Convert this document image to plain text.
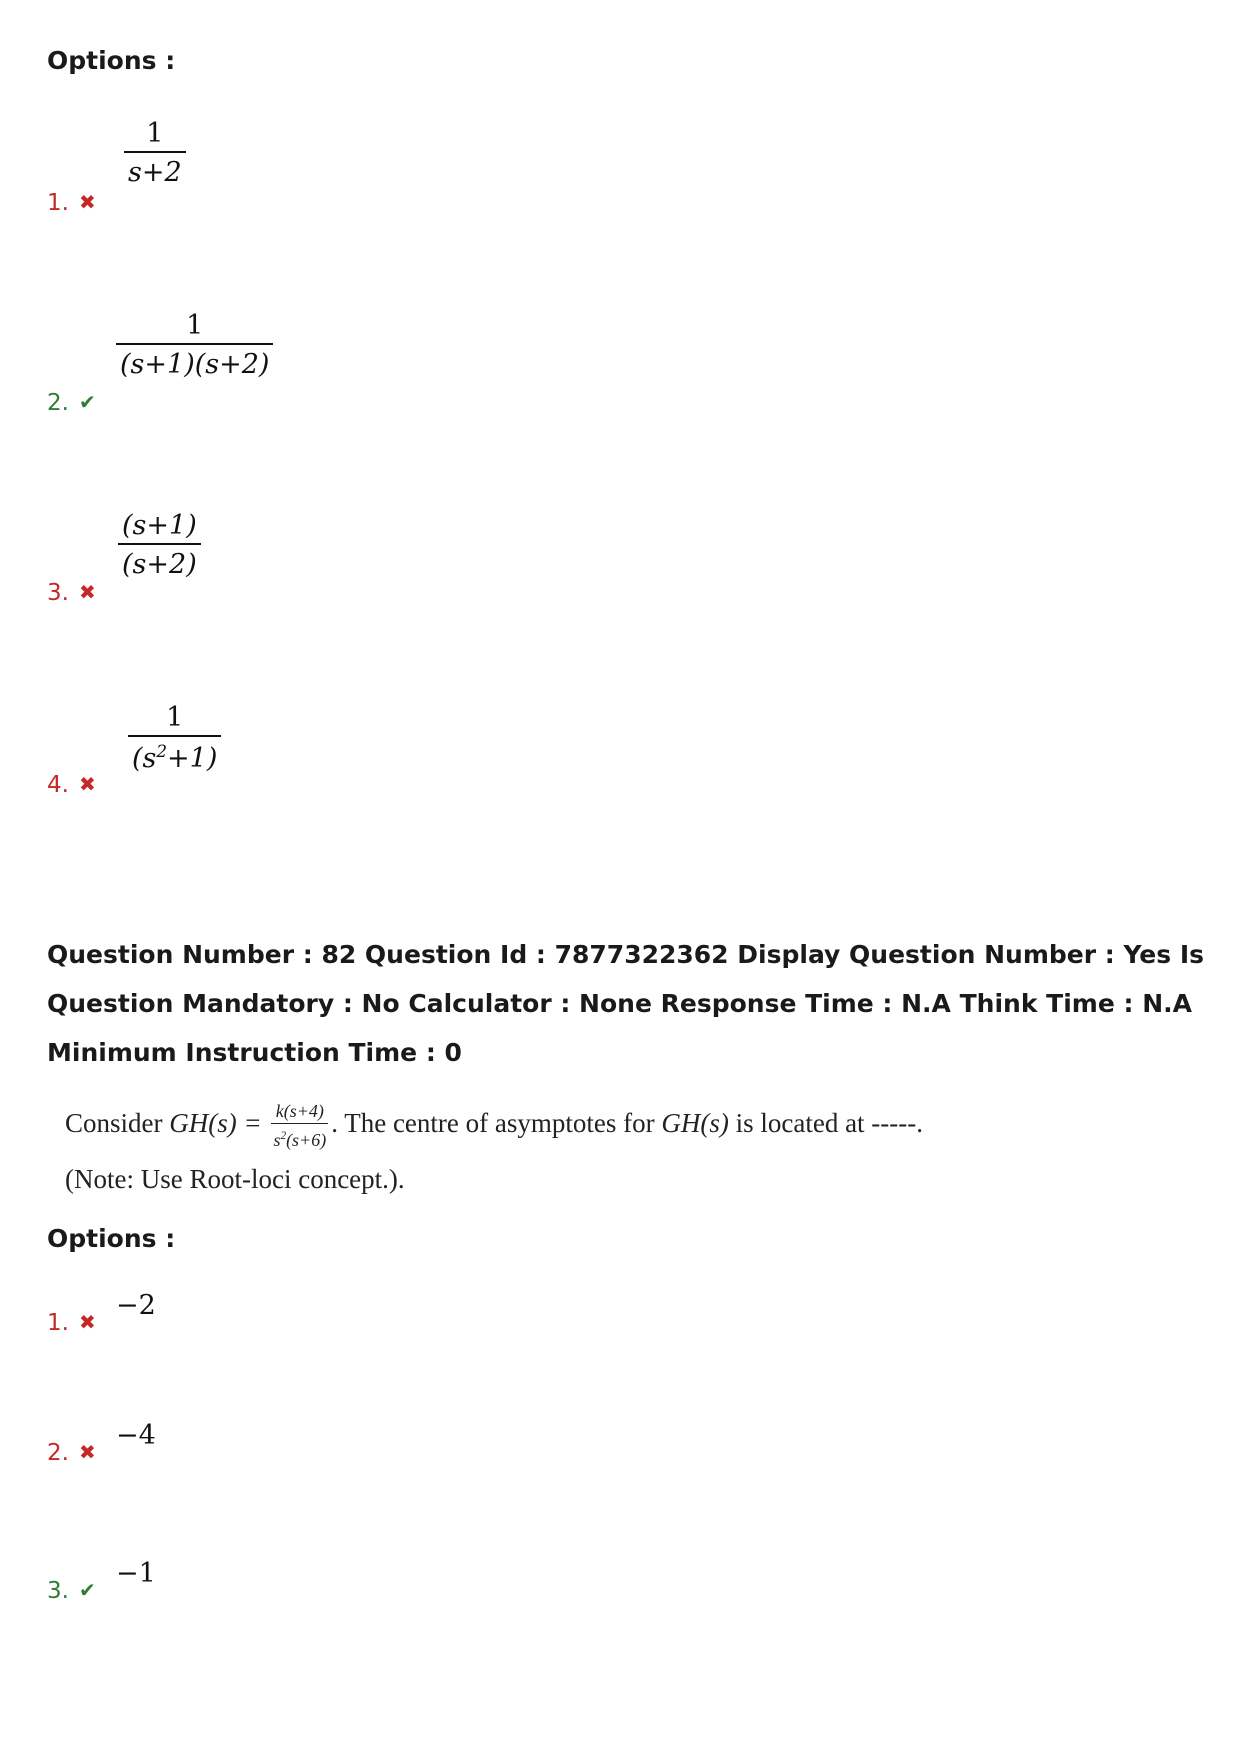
Options :
$\frac{1}{s+2}$
1. ✖
$\frac{1}{(s+1)(s+2)}$
2. ✔
$\frac{(s+1)}{(s+2)}$
3. ✖
$\frac{1}{(s^2+1)}$
4. ✖
Question Number : 82 Question Id : 7877322362 Display Question Number : Yes Is Question Mandatory : No Calculator : None Response Time : N.A Think Time : N.A Minimum Instruction Time : 0
Consider $GH(s) = \frac{k(s+4)}{s^2(s+6)}$ . The centre of asymptotes for GH(s) is located at -----.
(Note: Use Root-loci concept.).
Options :
−2
1. ✖
−4
2. ✖
−1
3. ✔
